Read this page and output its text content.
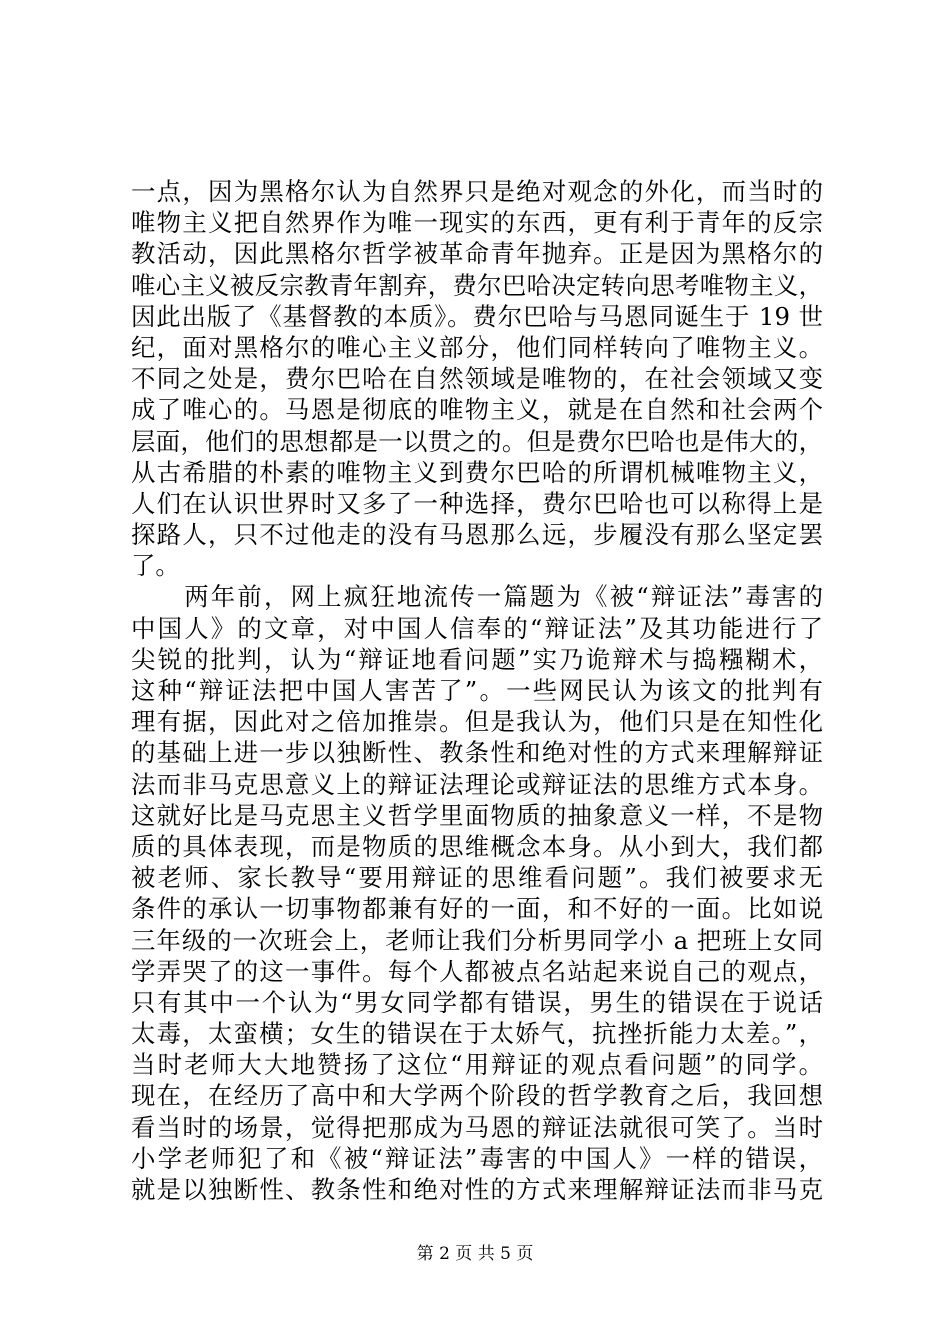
一点，因为黑格尔认为自然界只是绝对观念的外化，而当时的
唯物主义把自然界作为唯一现实的东西，更有利于青年的反宗
教活动，因此黑格尔哲学被革命青年抛弃。正是因为黑格尔的
唯心主义被反宗教青年割弃，费尔巴哈决定转向思考唯物主义，
因此出版了《基督教的本质》。费尔巴哈与马恩同诞生于 19 世
纪，面对黑格尔的唯心主义部分，他们同样转向了唯物主义。
不同之处是，费尔巴哈在自然领域是唯物的，在社会领域又变
成了唯心的。马恩是彻底的唯物主义，就是在自然和社会两个
层面，他们的思想都是一以贯之的。但是费尔巴哈也是伟大的，
从古希腊的朴素的唯物主义到费尔巴哈的所谓机械唯物主义，
人们在认识世界时又多了一种选择，费尔巴哈也可以称得上是
探路人，只不过他走的没有马恩那么远，步履没有那么坚定罢
了。
　　两年前，网上疯狂地流传一篇题为《被“辩证法”毒害的
中国人》的文章，对中国人信奉的“辩证法”及其功能进行了
尖锐的批判，认为“辩证地看问题”实乃诡辩术与捣糨糊术，
这种“辩证法把中国人害苦了”。一些网民认为该文的批判有
理有据，因此对之倍加推崇。但是我认为，他们只是在知性化
的基础上进一步以独断性、教条性和绝对性的方式来理解辩证
法而非马克思意义上的辩证法理论或辩证法的思维方式本身。
这就好比是马克思主义哲学里面物质的抽象意义一样，不是物
质的具体表现，而是物质的思维概念本身。从小到大，我们都
被老师、家长教导“要用辩证的思维看问题”。我们被要求无
条件的承认一切事物都兼有好的一面，和不好的一面。比如说
三年级的一次班会上，老师让我们分析男同学小 a 把班上女同
学弄哭了的这一事件。每个人都被点名站起来说自己的观点，
只有其中一个认为“男女同学都有错误，男生的错误在于说话
太毒，太蛮横；女生的错误在于太娇气，抗挫折能力太差。”，
当时老师大大地赞扬了这位“用辩证的观点看问题”的同学。
现在，在经历了高中和大学两个阶段的哲学教育之后，我回想
看当时的场景，觉得把那成为马恩的辩证法就很可笑了。当时
小学老师犯了和《被“辩证法”毒害的中国人》一样的错误，
就是以独断性、教条性和绝对性的方式来理解辩证法而非马克
第 2 页 共 5 页
